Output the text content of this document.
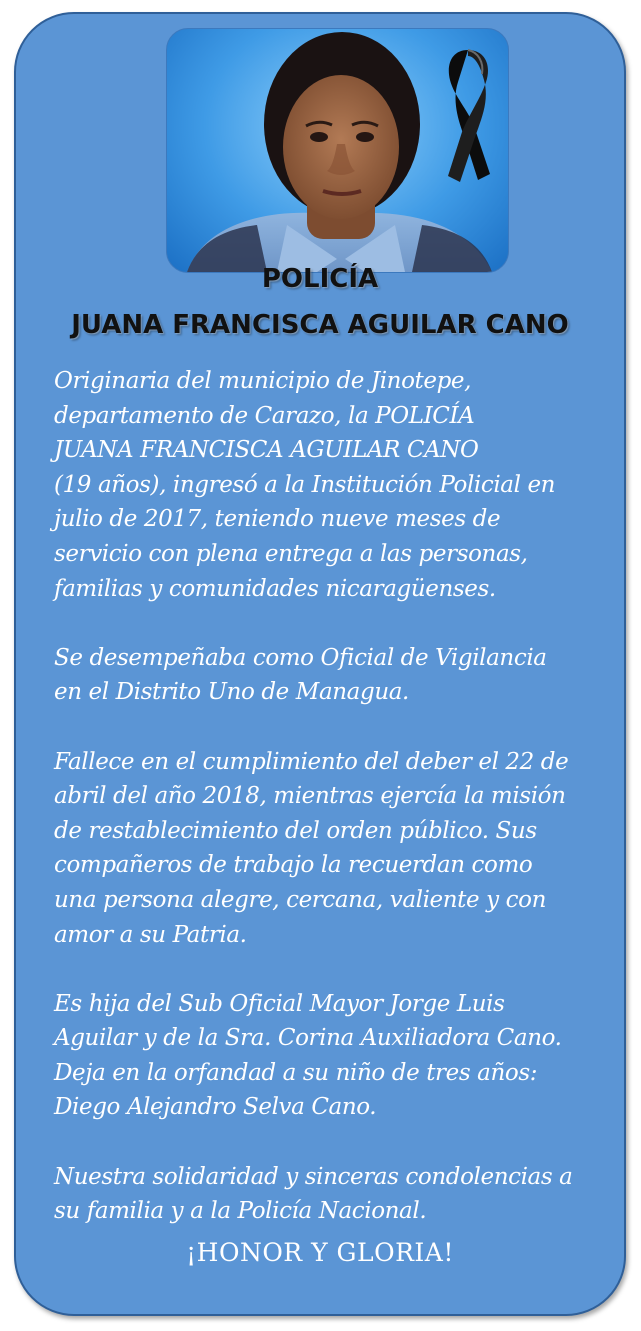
POLICÍA
JUANA FRANCISCA AGUILAR CANO

Originaria del municipio de Jinotepe,
departamento de Carazo, la POLICÍA
JUANA FRANCISCA AGUILAR CANO
(19 años), ingresó a la Institución Policial en
julio de 2017, teniendo nueve meses de
servicio con plena entrega a las personas,
familias y comunidades nicaragüenses.

Se desempeñaba como Oficial de Vigilancia
en el Distrito Uno de Managua.

Fallece en el cumplimiento del deber el 22 de
abril del año 2018, mientras ejercía la misión
de restablecimiento del orden público. Sus
compañeros de trabajo la recuerdan como
una persona alegre, cercana, valiente y con
amor a su Patria.

Es hija del Sub Oficial Mayor Jorge Luis
Aguilar y de la Sra. Corina Auxiliadora Cano.
Deja en la orfandad a su niño de tres años:
Diego Alejandro Selva Cano.

Nuestra solidaridad y sinceras condolencias a
su familia y a la Policía Nacional.

¡HONOR Y GLORIA!
